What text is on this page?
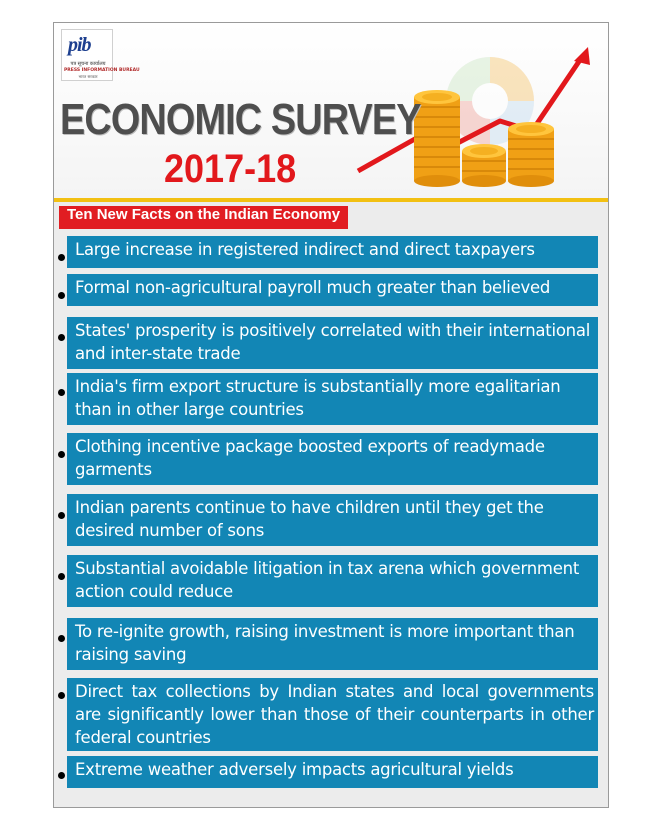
pib
पत्र सूचना कार्यालय
PRESS INFORMATION BUREAU
भारत सरकार
ECONOMIC SURVEY
2017-18
Ten New Facts on the Indian Economy
Large increase in registered indirect and direct taxpayers
Formal non-agricultural payroll much greater than believed
States' prosperity is positively correlated with their international and inter-state trade
India's firm export structure is substantially more egalitarian than in other large countries
Clothing incentive package boosted exports of readymade garments
Indian parents continue to have children until they get the desired number of sons
Substantial avoidable litigation in tax arena which government action could reduce
To re-ignite growth, raising investment is more important than raising saving
Direct tax collections by Indian states and local governments are significantly lower than those of their counterparts in other federal countries
Extreme weather adversely impacts agricultural yields
